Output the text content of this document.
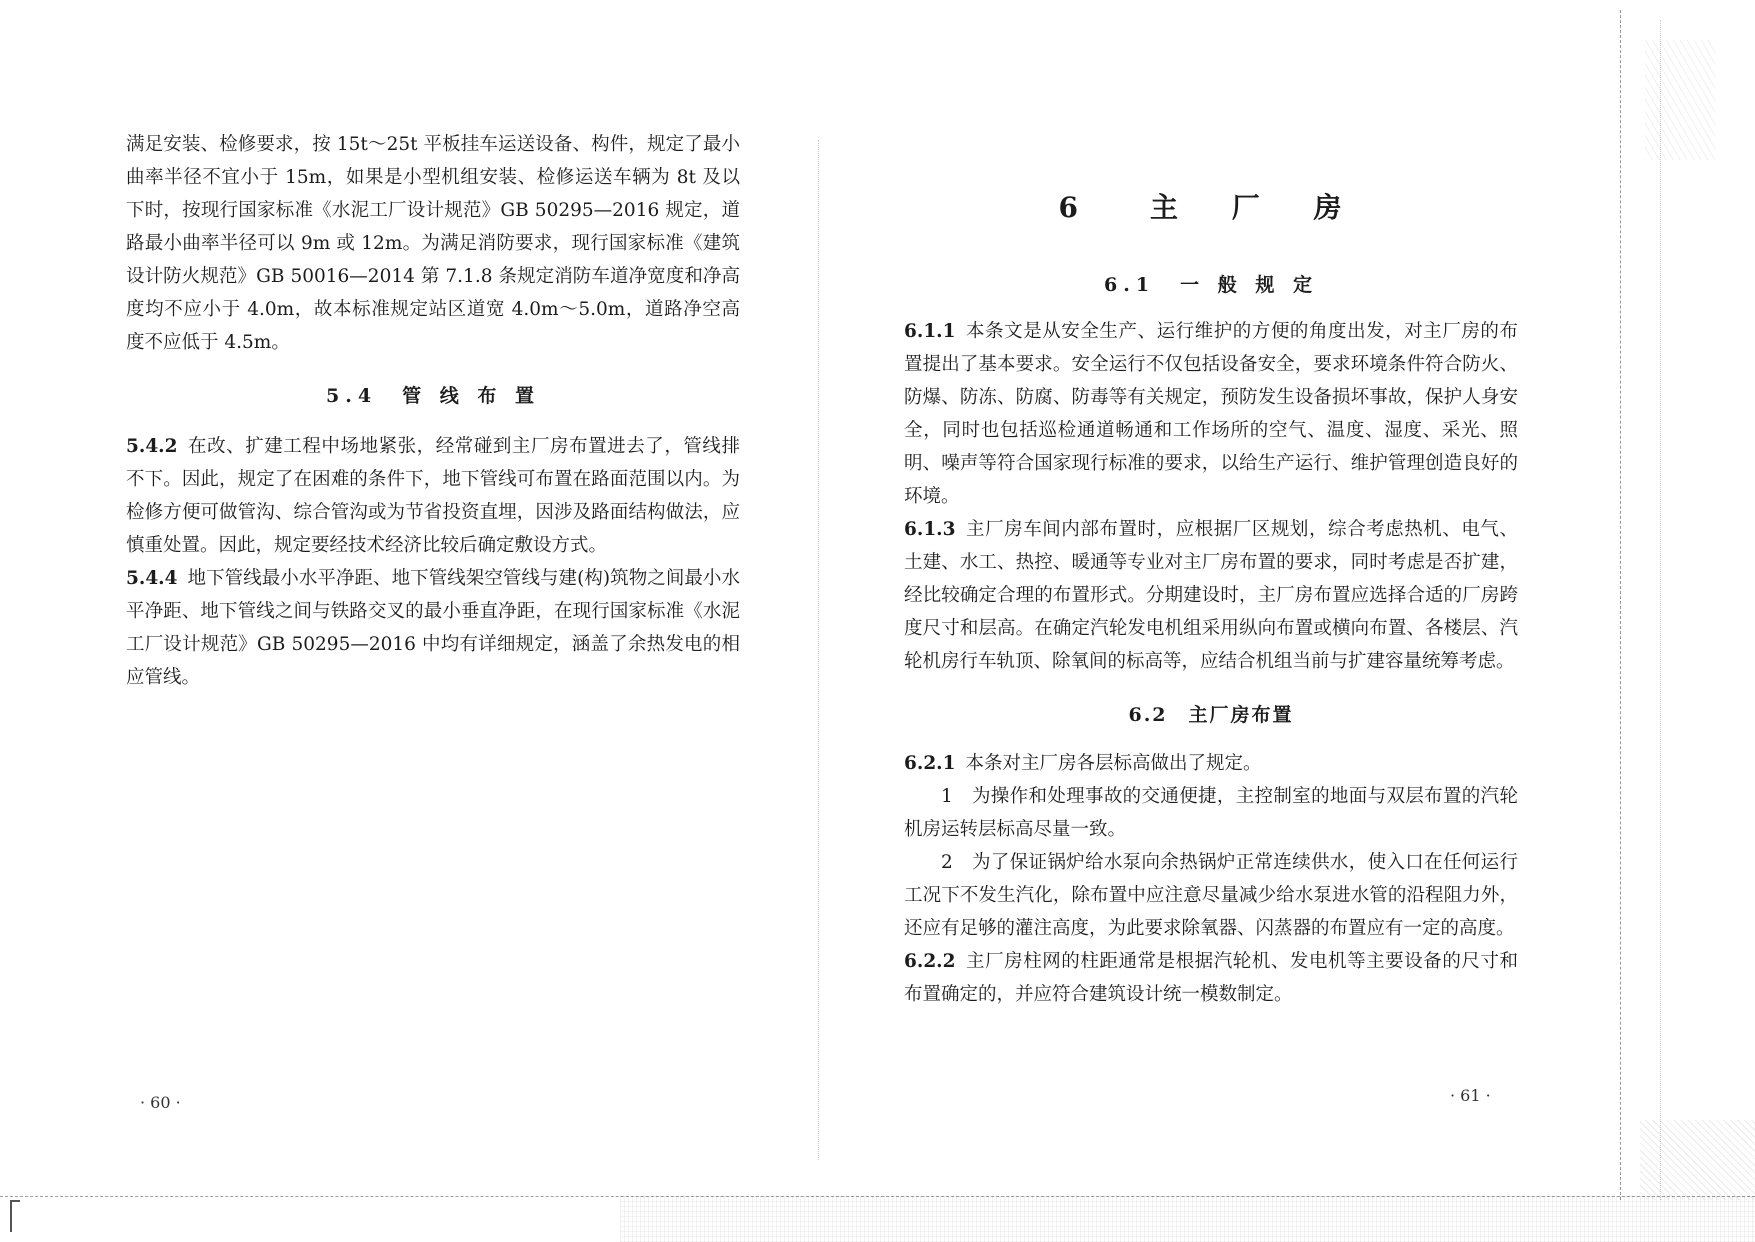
满足安装、检修要求，按 15t～25t 平板挂车运送设备、构件，规定了最小曲率半径不宜小于 15m，如果是小型机组安装、检修运送车辆为 8t 及以下时，按现行国家标准《水泥工厂设计规范》GB 50295—2016 规定，道路最小曲率半径可以 9m 或 12m。为满足消防要求，现行国家标准《建筑设计防火规范》GB 50016—2014 第 7.1.8 条规定消防车道净宽度和净高度均不应小于 4.0m，故本标准规定站区道宽 4.0m～5.0m，道路净空高度不应低于 4.5m。

5.4　管 线 布 置

5.4.2 在改、扩建工程中场地紧张，经常碰到主厂房布置进去了，管线排不下。因此，规定了在困难的条件下，地下管线可布置在路面范围以内。为检修方便可做管沟、综合管沟或为节省投资直埋，因涉及路面结构做法，应慎重处置。因此，规定要经技术经济比较后确定敷设方式。

5.4.4 地下管线最小水平净距、地下管线架空管线与建(构)筑物之间最小水平净距、地下管线之间与铁路交叉的最小垂直净距，在现行国家标准《水泥工厂设计规范》GB 50295—2016 中均有详细规定，涵盖了余热发电的相应管线。

· 60 ·
6　主 厂 房
6.1　一 般 规 定

6.1.1 本条文是从安全生产、运行维护的方便的角度出发，对主厂房的布置提出了基本要求。安全运行不仅包括设备安全，要求环境条件符合防火、防爆、防冻、防腐、防毒等有关规定，预防发生设备损坏事故，保护人身安全，同时也包括巡检通道畅通和工作场所的空气、温度、湿度、采光、照明、噪声等符合国家现行标准的要求，以给生产运行、维护管理创造良好的环境。

6.1.3 主厂房车间内部布置时，应根据厂区规划，综合考虑热机、电气、土建、水工、热控、暖通等专业对主厂房布置的要求，同时考虑是否扩建，经比较确定合理的布置形式。分期建设时，主厂房布置应选择合适的厂房跨度尺寸和层高。在确定汽轮发电机组采用纵向布置或横向布置、各楼层、汽轮机房行车轨顶、除氧间的标高等，应结合机组当前与扩建容量统筹考虑。

6.2　主厂房布置

6.2.1 本条对主厂房各层标高做出了规定。

1　为操作和处理事故的交通便捷，主控制室的地面与双层布置的汽轮机房运转层标高尽量一致。

2　为了保证锅炉给水泵向余热锅炉正常连续供水，使入口在任何运行工况下不发生汽化，除布置中应注意尽量减少给水泵进水管的沿程阻力外，还应有足够的灌注高度，为此要求除氧器、闪蒸器的布置应有一定的高度。

6.2.2 主厂房柱网的柱距通常是根据汽轮机、发电机等主要设备的尺寸和布置确定的，并应符合建筑设计统一模数制定。

· 61 ·
